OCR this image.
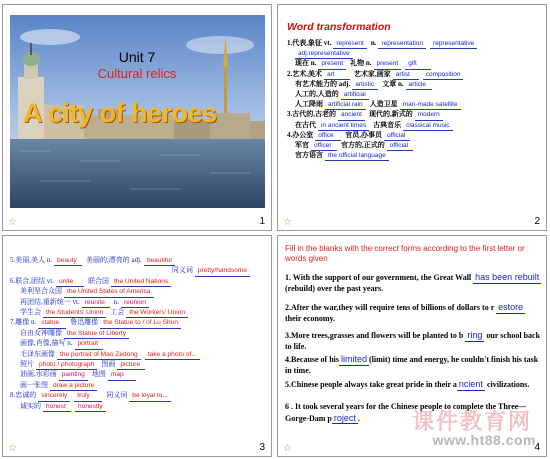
Unit 7
Cultural relics
A city of heroes
☆	1
Word transformation
1.代表,象征 vt. represent	n. representation	representative
adj.representative
现在 n. present	礼物 n. present	gift
2.艺术,美术 art	艺术家,画家 artist	composition
有艺术能力的 adj. artistic	文章 n. article
人工的,人造的 artificial
人工降雨 artificial rain	人造卫星 man-made satellite
3.古代的,古老的 ancient	现代的,新式的 modern
在古代 in ancient times	古典音乐 classical music
4.办公室 office	官员,办事员 official
军官 officer	官方的,正式的 official
官方语言 the official language
☆	2
5.美丽,美人 n. beauty	美丽的,漂亮的 adj. beautiful
同义词 pretty/handsome
6.联合,团结 vt. unite	联合国 the United Nations
美利坚合众国 the United States of America
再团结,重新统一 vt. reunite	n. reunion
学生会 the Students' Union	工会 the Workers' Union
7.雕像 n. statue	鲁迅雕像 the Statue to / of Lu Shun
自由女神雕像 the Statue of Liberty
画像,肖像,描写 n. portrait
毛泽东画像 the portrait of Mao Zedong	take a photo of...
照片 photo / photograph	图画 picture
油画,水彩画 painting	地图 map
画一张图 draw a picture
8.忠诚的 sincerely	truly	同义词 be loyal to...
诚实的 honest	honestly
☆	3
Fill in the blanks with the correct forms according to the first letter or words given
1. With the support of our government, the Great Wall has been rebuilt(rebuild) over the past years.
2.After the war,they will require tens of billions of dollars to r estore their economy.
3.More trees,grasses and flowers will be planted to b ring our school back to life.
4.Because of his limited (limit) time and energy, he couldn't finish his task in time.
5.Chinese people always take great pride in their a ncient civilizations.
6 . It took several years for the Chinese people to complete the Three—Gorge-Dam p roject .	课件教育网
www.ht88.com
☆	4
